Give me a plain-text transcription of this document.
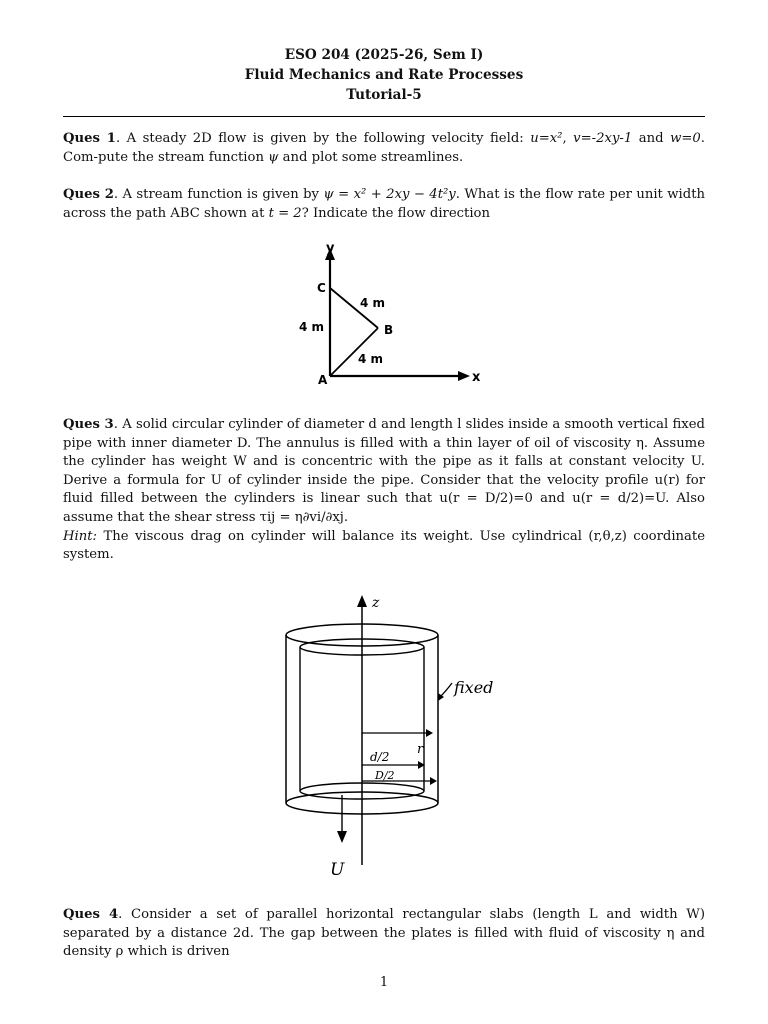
ESO 204 (2025-26, Sem I)
Fluid Mechanics and Rate Processes
Tutorial-5
Ques 1. A steady 2D flow is given by the following velocity field: u=x², v=-2xy-1 and w=0. Com-pute the stream function ψ and plot some streamlines.
Ques 2. A stream function is given by ψ = x² + 2xy − 4t²y. What is the flow rate per unit width across the path ABC shown at t = 2? Indicate the flow direction
y
x
A
B
C
4 m
4 m
4 m
Ques 3. A solid circular cylinder of diameter d and length l slides inside a smooth vertical fixed pipe with inner diameter D. The annulus is filled with a thin layer of oil of viscosity η. Assume the cylinder has weight W and is concentric with the pipe as it falls at constant velocity U. Derive a formula for U of cylinder inside the pipe. Consider that the velocity profile u(r) for fluid filled between the cylinders is linear such that u(r = D/2)=0 and u(r = d/2)=U. Also assume that the shear stress τij = η∂vi/∂xj.
Hint: The viscous drag on cylinder will balance its weight. Use cylindrical (r,θ,z) coordinate system.
z
r
d/2
D/2
fixed
U
Ques 4. Consider a set of parallel horizontal rectangular slabs (length L and width W) separated by a distance 2d. The gap between the plates is filled with fluid of viscosity η and density ρ which is driven
1
